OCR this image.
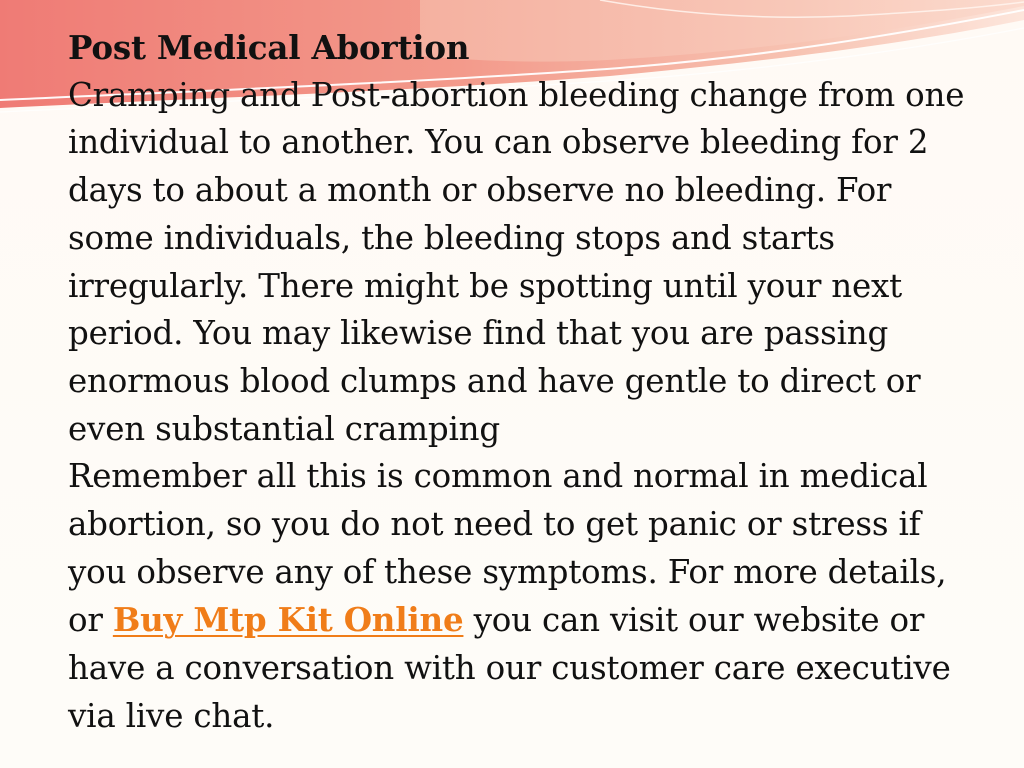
Post Medical Abortion
Cramping and Post-abortion bleeding change from one individual to another. You can observe bleeding for 2 days to about a month or observe no bleeding. For some individuals, the bleeding stops and starts irregularly. There might be spotting until your next period. You may likewise find that you are passing enormous blood clumps and have gentle to direct or even substantial cramping
Remember all this is common and normal in medical abortion, so you do not need to get panic or stress if you observe any of these symptoms. For more details, or Buy Mtp Kit Online you can visit our website or have a conversation with our customer care executive via live chat.
